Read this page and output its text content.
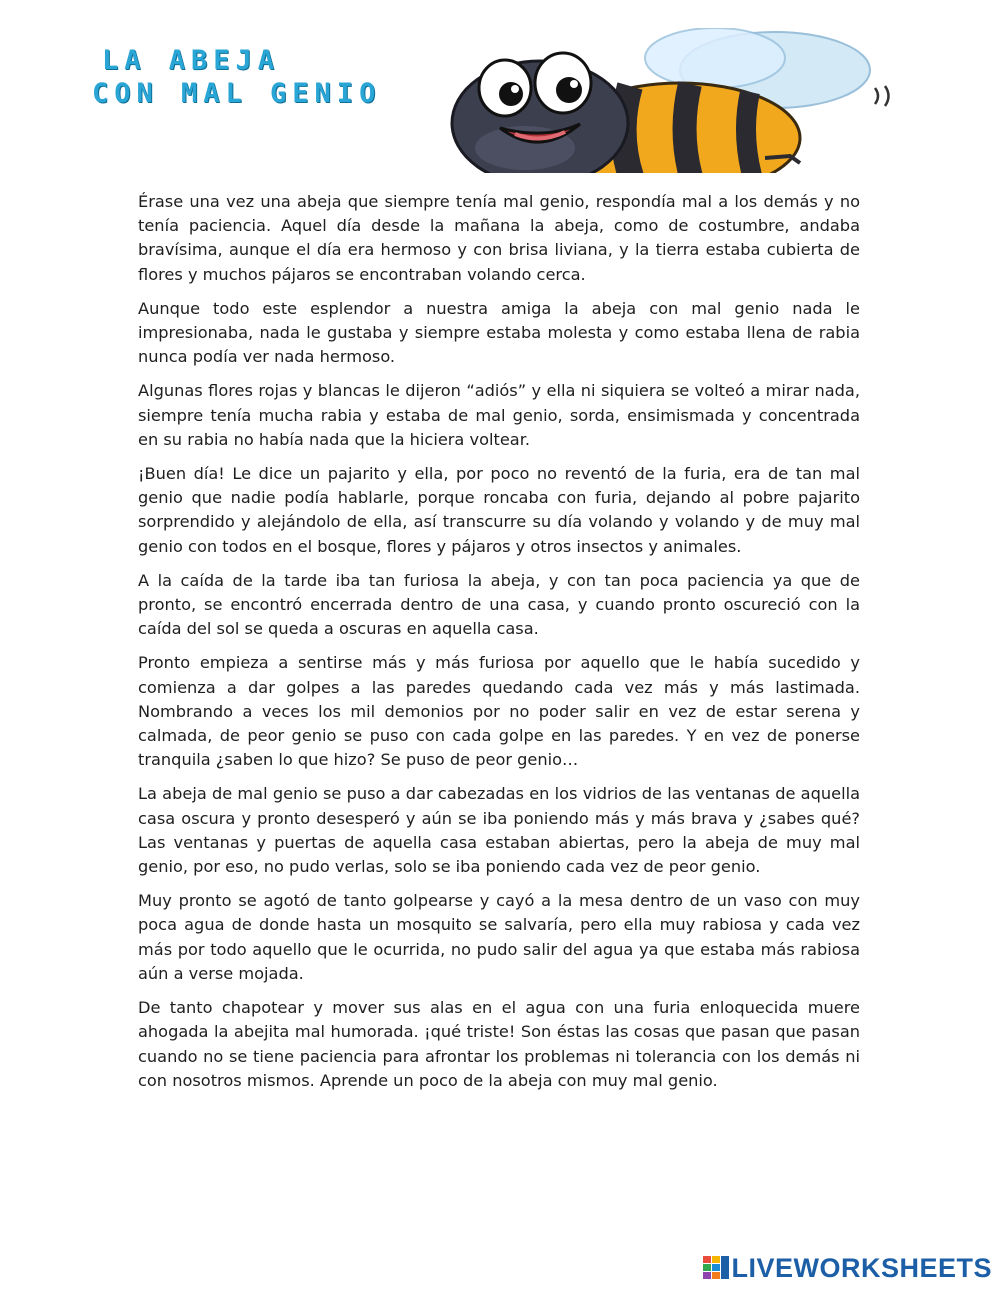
LA ABEJA
CON MAL GENIO

Érase una vez una abeja que siempre tenía mal genio, respondía mal a los demás y no tenía paciencia. Aquel día desde la mañana la abeja, como de costumbre, andaba bravísima, aunque el día era hermoso y con brisa liviana, y la tierra estaba cubierta de flores y muchos pájaros se encontraban volando cerca.

Aunque todo este esplendor a nuestra amiga la abeja con mal genio nada le impresionaba, nada le gustaba y siempre estaba molesta y como estaba llena de rabia nunca podía ver nada hermoso.

Algunas flores rojas y blancas le dijeron “adiós” y ella ni siquiera se volteó a mirar nada, siempre tenía mucha rabia y estaba de mal genio, sorda, ensimismada y concentrada en su rabia no había nada que la hiciera voltear.

¡Buen día! Le dice un pajarito y ella, por poco no reventó de la furia, era de tan mal genio que nadie podía hablarle, porque roncaba con furia, dejando al pobre pajarito sorprendido y alejándolo de ella, así transcurre su día volando y volando y de muy mal genio con todos en el bosque, flores y pájaros y otros insectos y animales.

A la caída de la tarde iba tan furiosa la abeja, y con tan poca paciencia ya que de pronto, se encontró encerrada dentro de una casa, y cuando pronto oscureció con la caída del sol se queda a oscuras en aquella casa.

Pronto empieza a sentirse más y más furiosa por aquello que le había sucedido y comienza a dar golpes a las paredes quedando cada vez más y más lastimada. Nombrando a veces los mil demonios por no poder salir en vez de estar serena y calmada, de peor genio se puso con cada golpe en las paredes. Y en vez de ponerse tranquila ¿saben lo que hizo? Se puso de peor genio…

La abeja de mal genio se puso a dar cabezadas en los vidrios de las ventanas de aquella casa oscura y pronto desesperó y aún se iba poniendo más y más brava y ¿sabes qué? Las ventanas y puertas de aquella casa estaban abiertas, pero la abeja de muy mal genio, por eso, no pudo verlas, solo se iba poniendo cada vez de peor genio.

Muy pronto se agotó de tanto golpearse y cayó a la mesa dentro de un vaso con muy poca agua de donde hasta un mosquito se salvaría, pero ella muy rabiosa y cada vez más por todo aquello que le ocurrida, no pudo salir del agua ya que estaba más rabiosa aún a verse mojada.

De tanto chapotear y mover sus alas en el agua con una furia enloquecida muere ahogada la abejita mal humorada. ¡qué triste! Son éstas las cosas que pasan que pasan cuando no se tiene paciencia para afrontar los problemas ni tolerancia con los demás ni con nosotros mismos. Aprende un poco de la abeja con muy mal genio.

LIVEWORKSHEETS
